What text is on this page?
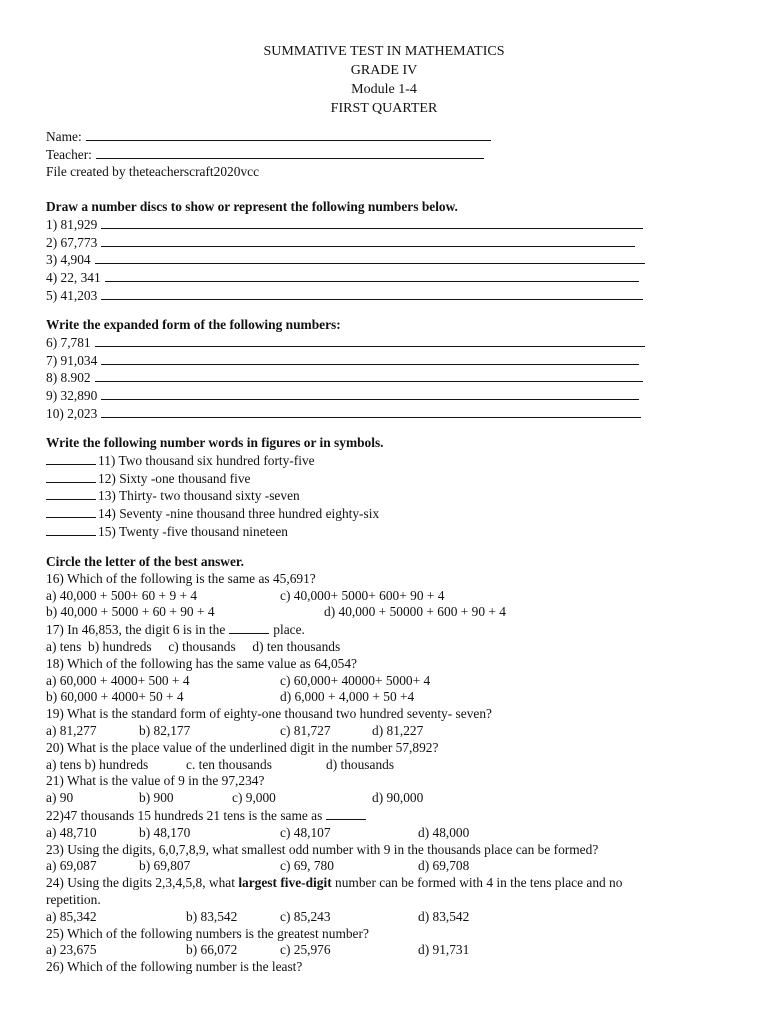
SUMMATIVE TEST IN MATHEMATICS
GRADE IV
Module 1-4
FIRST QUARTER
Name:
Teacher:
File created by theteacherscraft2020vcc
Draw a number discs to show or represent the following numbers below.
1) 81,929
2) 67,773
3) 4,904
4) 22, 341
5) 41,203
Write the expanded form of the following numbers:
6) 7,781
7) 91,034
8) 8.902
9) 32,890
10) 2,023
Write the following number words in figures or in symbols.
11) Two thousand six hundred forty-five
12) Sixty -one thousand five
13) Thirty- two thousand sixty -seven
14) Seventy -nine thousand three hundred eighty-six
15) Twenty -five thousand nineteen
Circle the letter of the best answer.
16) Which of the following is the same as 45,691?
a) 40,000 + 500+ 60 + 9 + 4	c) 40,000+ 5000+ 600+ 90 + 4
b) 40,000 + 5000 + 60 + 90 + 4	d) 40,000 + 50000 + 600 + 90 + 4
17) In 46,853, the digit 6 is in the	place.
a) tens  b) hundreds     c) thousands     d) ten thousands
18) Which of the following has the same value as 64,054?
a) 60,000 + 4000+ 500 + 4	c) 60,000+ 40000+ 5000+ 4
b) 60,000 + 4000+ 50 + 4	d) 6,000 + 4,000 + 50 +4
19) What is the standard form of eighty-one thousand two hundred seventy- seven?
a) 81,277	b) 82,177	c) 81,727	d) 81,227
20) What is the place value of the underlined digit in the number 57,892?
a) tens b) hundreds	c. ten thousands	d) thousands
21) What is the value of 9 in the 97,234?
a) 90	b) 900	c) 9,000	d) 90,000
22)47 thousands 15 hundreds 21 tens is the same as
a) 48,710	b) 48,170	c) 48,107	d) 48,000
23) Using the digits, 6,0,7,8,9, what smallest odd number with 9 in the thousands place can be formed?
a) 69,087	b) 69,807	c) 69, 780	d) 69,708
24) Using the digits 2,3,4,5,8, what
largest five-digit
number can be formed with 4 in the tens place and no
repetition.
a) 85,342	b) 83,542	c) 85,243	d) 83,542
25) Which of the following numbers is the greatest number?
a) 23,675	b) 66,072	c) 25,976	d) 91,731
26) Which of the following number is the least?
